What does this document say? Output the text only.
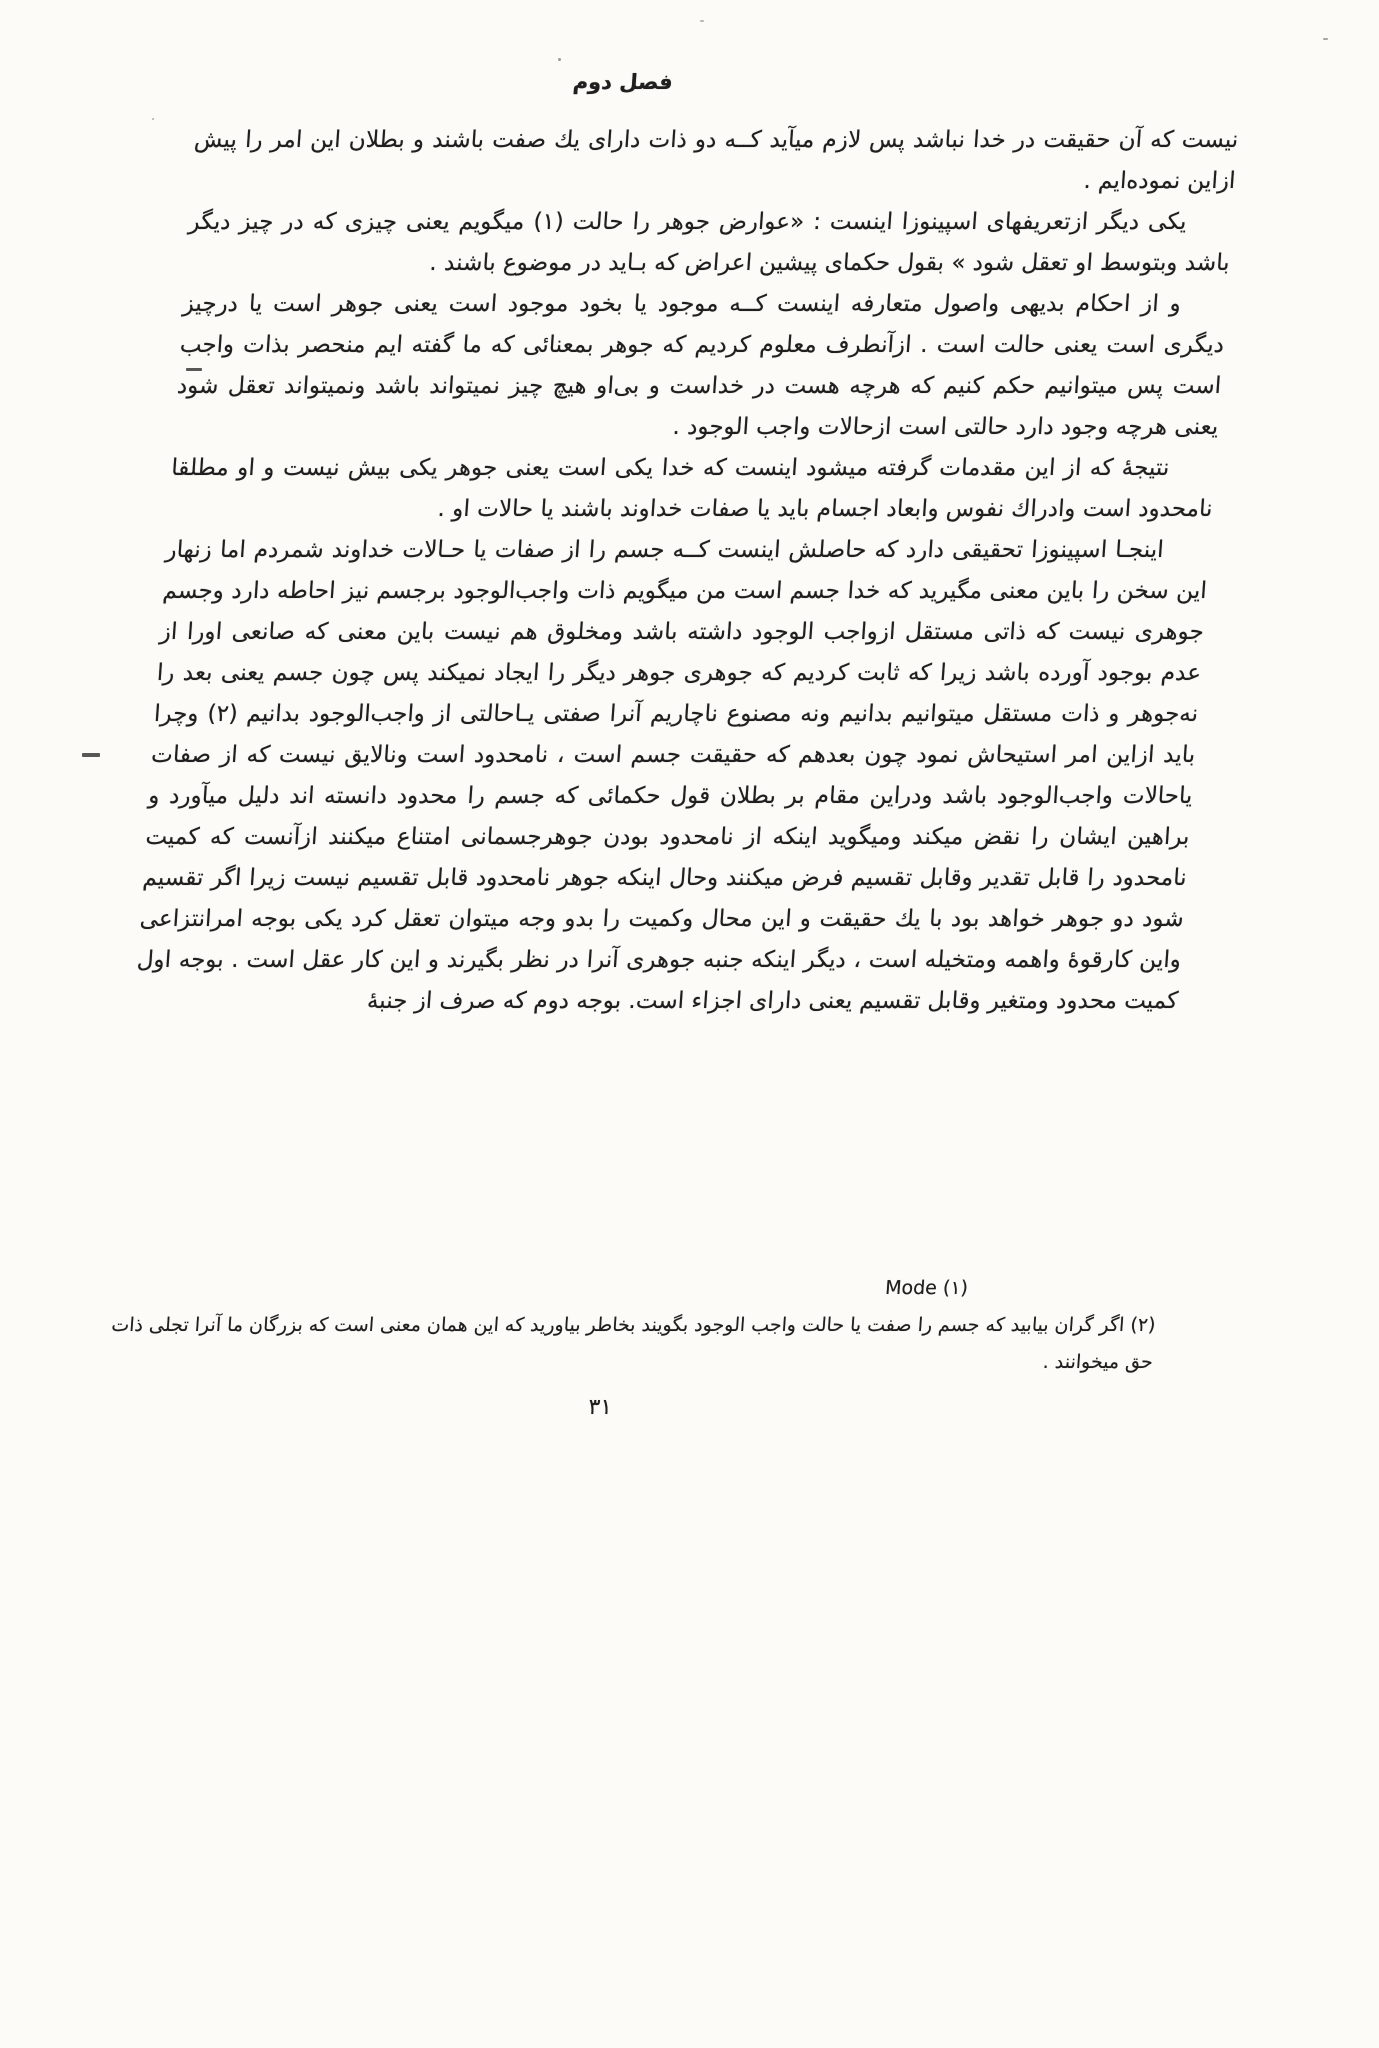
فصل دوم

نیست که آن حقیقت در خدا نباشد پس لازم میآید کــه دو ذات دارای یك صفت باشند و بطلان این امر را پیش ازاین نموده‌ایم .

یکی دیگر ازتعریفهای اسپینوزا اینست : «عوارض جوهر را حالت (١) میگویم یعنی چیزی که در چیز دیگر باشد وبتوسط او تعقل شود » بقول حکمای پیشین اعراض که بـاید در موضوع باشند .

و از احکام بدیهی واصول متعارفه اینست کــه موجود یا بخود موجود است یعنی جوهر است یا درچیز دیگری است یعنی حالت است . ازآنطرف معلوم کردیم که جوهر بمعنائی که ما گفته ایم منحصر بذات واجب است پس میتوانیم حکم کنیم که هرچه هست در خداست و بی‌او هیچ چیز نمیتواند باشد ونمیتواند تعقل شود یعنی هرچه وجود دارد حالتی است ازحالات واجب الوجود .

نتیجهٔ که از این مقدمات گرفته میشود اینست که خدا یکی است یعنی جوهر یکی بیش نیست و او مطلقا نامحدود است وادراك نفوس وابعاد اجسام باید یا صفات خداوند باشند یا حالات او .

اینجـا اسپینوزا تحقیقی دارد که حاصلش اینست کــه جسم را از صفات یا حـالات خداوند شمردم اما زنهار این سخن را باین معنی مگیرید که خدا جسم است من میگویم ذات واجب‌الوجود برجسم نیز احاطه دارد وجسم جوهری نیست که ذاتی مستقل ازواجب الوجود داشته باشد ومخلوق هم نیست باین معنی که صانعی اورا از عدم بوجود آورده باشد زیرا که ثابت کردیم که جوهری جوهر دیگر را ایجاد نمیکند پس چون جسم یعنی بعد را نه‌جوهر و ذات مستقل میتوانیم بدانیم ونه مصنوع ناچاریم آنرا صفتی یـاحالتی از واجب‌الوجود بدانیم (٢) وچرا باید ازاین امر استیحاش نمود چون بعدهم که حقیقت جسم است ، نامحدود است ونالایق نیست که از صفات یاحالات واجب‌الوجود باشد ودراین مقام بر بطلان قول حکمائی که جسم را محدود دانسته اند دلیل میآورد و براهین ایشان را نقض میکند ومیگوید اینکه از نامحدود بودن جوهرجسمانی امتناع میکنند ازآنست که کمیت نامحدود را قابل تقدیر وقابل تقسیم فرض میکنند وحال اینکه جوهر نامحدود قابل تقسیم نیست زیرا اگر تقسیم شود دو جوهر خواهد بود با یك حقیقت و این محال وکمیت را بدو وجه میتوان تعقل کرد یکی بوجه امرانتزاعی واین کارقوهٔ واهمه ومتخیله است ، دیگر اینکه جنبه جوهری آنرا در نظر بگیرند و این کار عقل است . بوجه اول کمیت محدود ومتغیر وقابل تقسیم یعنی دارای اجزاء است. بوجه دوم که صرف از جنبهٔ

(١) Mode

(٢) اگر گران بیابید که جسم را صفت یا حالت واجب الوجود بگویند بخاطر بیاورید که این همان معنی است که بزرگان ما آنرا تجلی ذات حق میخوانند .

٣١
